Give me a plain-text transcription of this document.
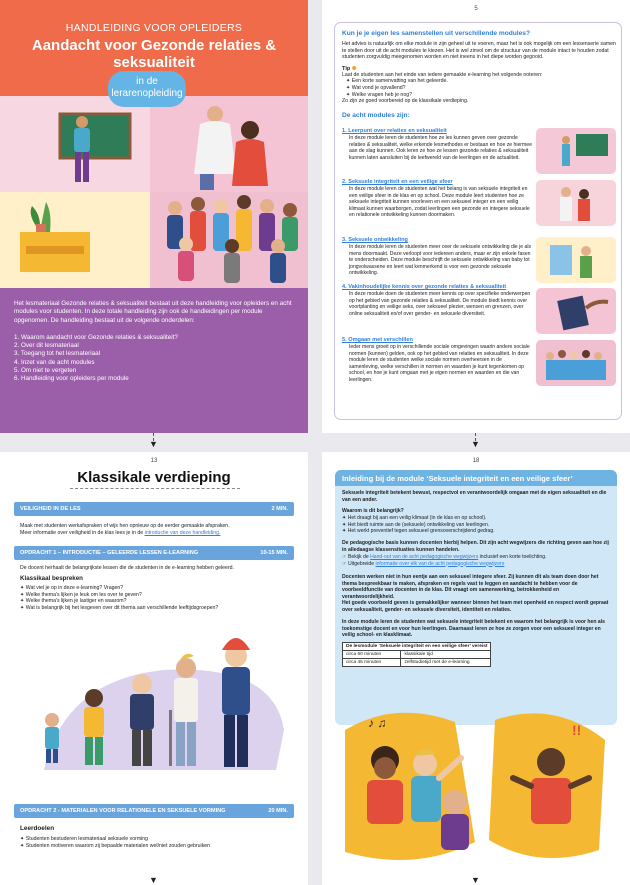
HANDLEIDING VOOR OPLEIDERS
Aandacht voor Gezonde relaties & seksualiteit
in de lerarenopleiding

Het lesmateriaal Gezonde relaties & seksualiteit bestaat uit deze handleiding voor opleiders en acht modules voor studenten. In deze totale handleiding zijn ook de handleidingen per module opgenomen. De handleiding bestaat uit de volgende onderdelen:

1. Waarom aandacht voor Gezonde relaties & seksualiteit?
2. Over dit lesmateriaal
3. Toegang tot het lesmateriaal
4. Inzet van de acht modules
5. Om niet te vergeten
6. Handleiding voor opleiders per module
▼
5
Kun je je eigen les samenstellen uit verschillende modules?

Het advies is natuurlijk om elke module in zijn geheel uit te voeren, maar het is ook mogelijk om een lessenserie samen te stellen door uit de acht modules te kiezen. Het is wel zinvol om de structuur van de module intact te houden zodat studenten zorgvuldig meegenomen worden en niet ineens in het diepe worden gegooid.

Tip ✺

Laat de studenten aan het einde van iedere gemaakte e-learning het volgende noteren:

✦ Een korte samenvatting van het geleerde.
✦ Wat vond je opvallend?
✦ Welke vragen heb je nog?

Zo zijn ze goed voorbereid op de klassikale verdieping.

De acht modules zijn:
1. Leerpunt over relaties en seksualiteit
In deze module leren de studenten hoe ze les kunnen geven over gezonde relaties & seksualiteit, welke erkende lesmethodes er bestaan en hoe ze hiermee aan de slag kunnen. Ook leren ze hoe ze lessen gezonde relaties & seksualiteit kunnen laten aansluiten bij de leefwereld van de leerlingen en de actualiteit.
2. Seksuele integriteit en een veilige sfeer
In deze module leren de studenten wat het belang is van seksuele integriteit en een veilige sfeer in de klas en op school. Deze module leert studenten hoe ze seksuele integriteit kunnen voorleven en een seksueel integer en een veilig klimaat kunnen waarborgen, zodat leerlingen een gezonde en integere seksuele en relationele ontwikkeling kunnen doormaken.
3. Seksuele ontwikkeling
In deze module leren de studenten meer over de seksuele ontwikkeling die je als mens doormaakt. Deze verloopt voor iedereen anders, maar er zijn enkele fasen te onderscheiden. Deze module beschrijft de seksuele ontwikkeling van baby tot jongvolwassene en leert wat kenmerkend is voor een gezonde seksuele ontwikkeling.
4. Vakinhoudelijke kennis over gezonde relaties & seksualiteit
In deze module doen de studenten meer kennis op over specifieke onderwerpen op het gebied van gezonde relaties & seksualiteit. De module biedt kennis over voortplanting en veilige seks, over seksueel plezier, wensen en grenzen, over online seksualiteit en/of over gender- en seksuele diversiteit.
5. Omgaan met verschillen
Ieder mens groeit op in verschillende sociale omgevingen waarin andere sociale normen (kunnen) gelden, ook op het gebied van relaties en seksualiteit. In deze module leren de studenten welke sociale normen overheersen in de samenleving, welke verschillen in normen en waarden je kunt tegenkomen op school, en hoe je kunt omgaan met je eigen normen en waarden en die van leerlingen.
▼
13
Klassikale verdieping
2 MIN.
VEILIGHEID IN DE LES
Maak met studenten werkafspraken of wijs hen opnieuw op de eerder gemaakte afspraken.
Meer informatie over veiligheid in de klas lees je in de introductie van deze handleiding.
10-15 MIN.
OPDRACHT 1 – INTRODUCTIE – GELEERDE LESSEN E-LEARNING
De docent herhaalt de belangrijkste lessen die de studenten in de e-learning hebben geleerd.
Klassikaal bespreken
✦ Wat viel je op in deze e-learning? Vragen?
✦ Welke thema's lijken je leuk om les over te geven?
✦ Welke thema's lijken je lastiger en waarom?
✦ Wat is belangrijk bij het lesgeven over dit thema aan verschillende leeftijdsgroepen?
20 MIN.
OPDRACHT 2 - MATERIALEN VOOR RELATIONELE EN SEKSUELE VORMING
Leerdoelen
✦ Studenten bestuderen lesmateriaal seksuele vorming
✦ Studenten motiveren waarom zij bepaalde materialen wel/niet zouden gebruiken
▼
18
Inleiding bij de module ‘Seksuele integriteit en een veilige sfeer’
Seksuele integriteit betekent bewust, respectvol en verantwoordelijk omgaan met de eigen seksualiteit en die van een ander.
Waarom is dit belangrijk?
✦ Het draagt bij aan een veilig klimaat (in de klas en op school).
✦ Het biedt ruimte aan de (seksuele) ontwikkeling van leerlingen.
✦ Het werkt preventief tegen seksueel grensoverschrijdend gedrag.
De pedagogische basis kunnen docenten hierbij helpen. Dit zijn acht wegwijzers die richting geven aan hoe zij in alledaagse klassensituaties kunnen handelen.
☞ Bekijk de Hand-out van de acht pedagogische wegwijzers inclusief een korte toelichting.
☞ Uitgebreide informatie over elk van de acht pedagogische wegwijzers
Docenten werken niet in hun eentje aan een seksueel integere sfeer. Zij kunnen dit als team doen door het thema bespreekbaar te maken, afspraken en regels vast te leggen en aandacht te hebben voor de voorbeeldfunctie van docenten in de klas. Dit vraagt om samenwerking, betrokkenheid en verantwoordelijkheid.
Het goede voorbeeld geven is gemakkelijker wanneer binnen het team met openheid en respect wordt gepraat over seksualiteit, gender- en seksuele diversiteit, identiteit en relaties.
In deze module leren de studenten wat seksuele integriteit betekent en waarom het belangrijk is voor hen als toekomstige docent en voor hun leerlingen. Daarnaast leren ze hoe ze zorgen voor een seksueel integer en veilig school- en klasklimaat.
De lesmodule ‘Seksuele integriteit en een veilige sfeer’ vereist	
circa 60 minuten	klassikale tijd
circa 45 minuten	zelfstudietijd met de e-learning
♪ ♫	!!
▼
